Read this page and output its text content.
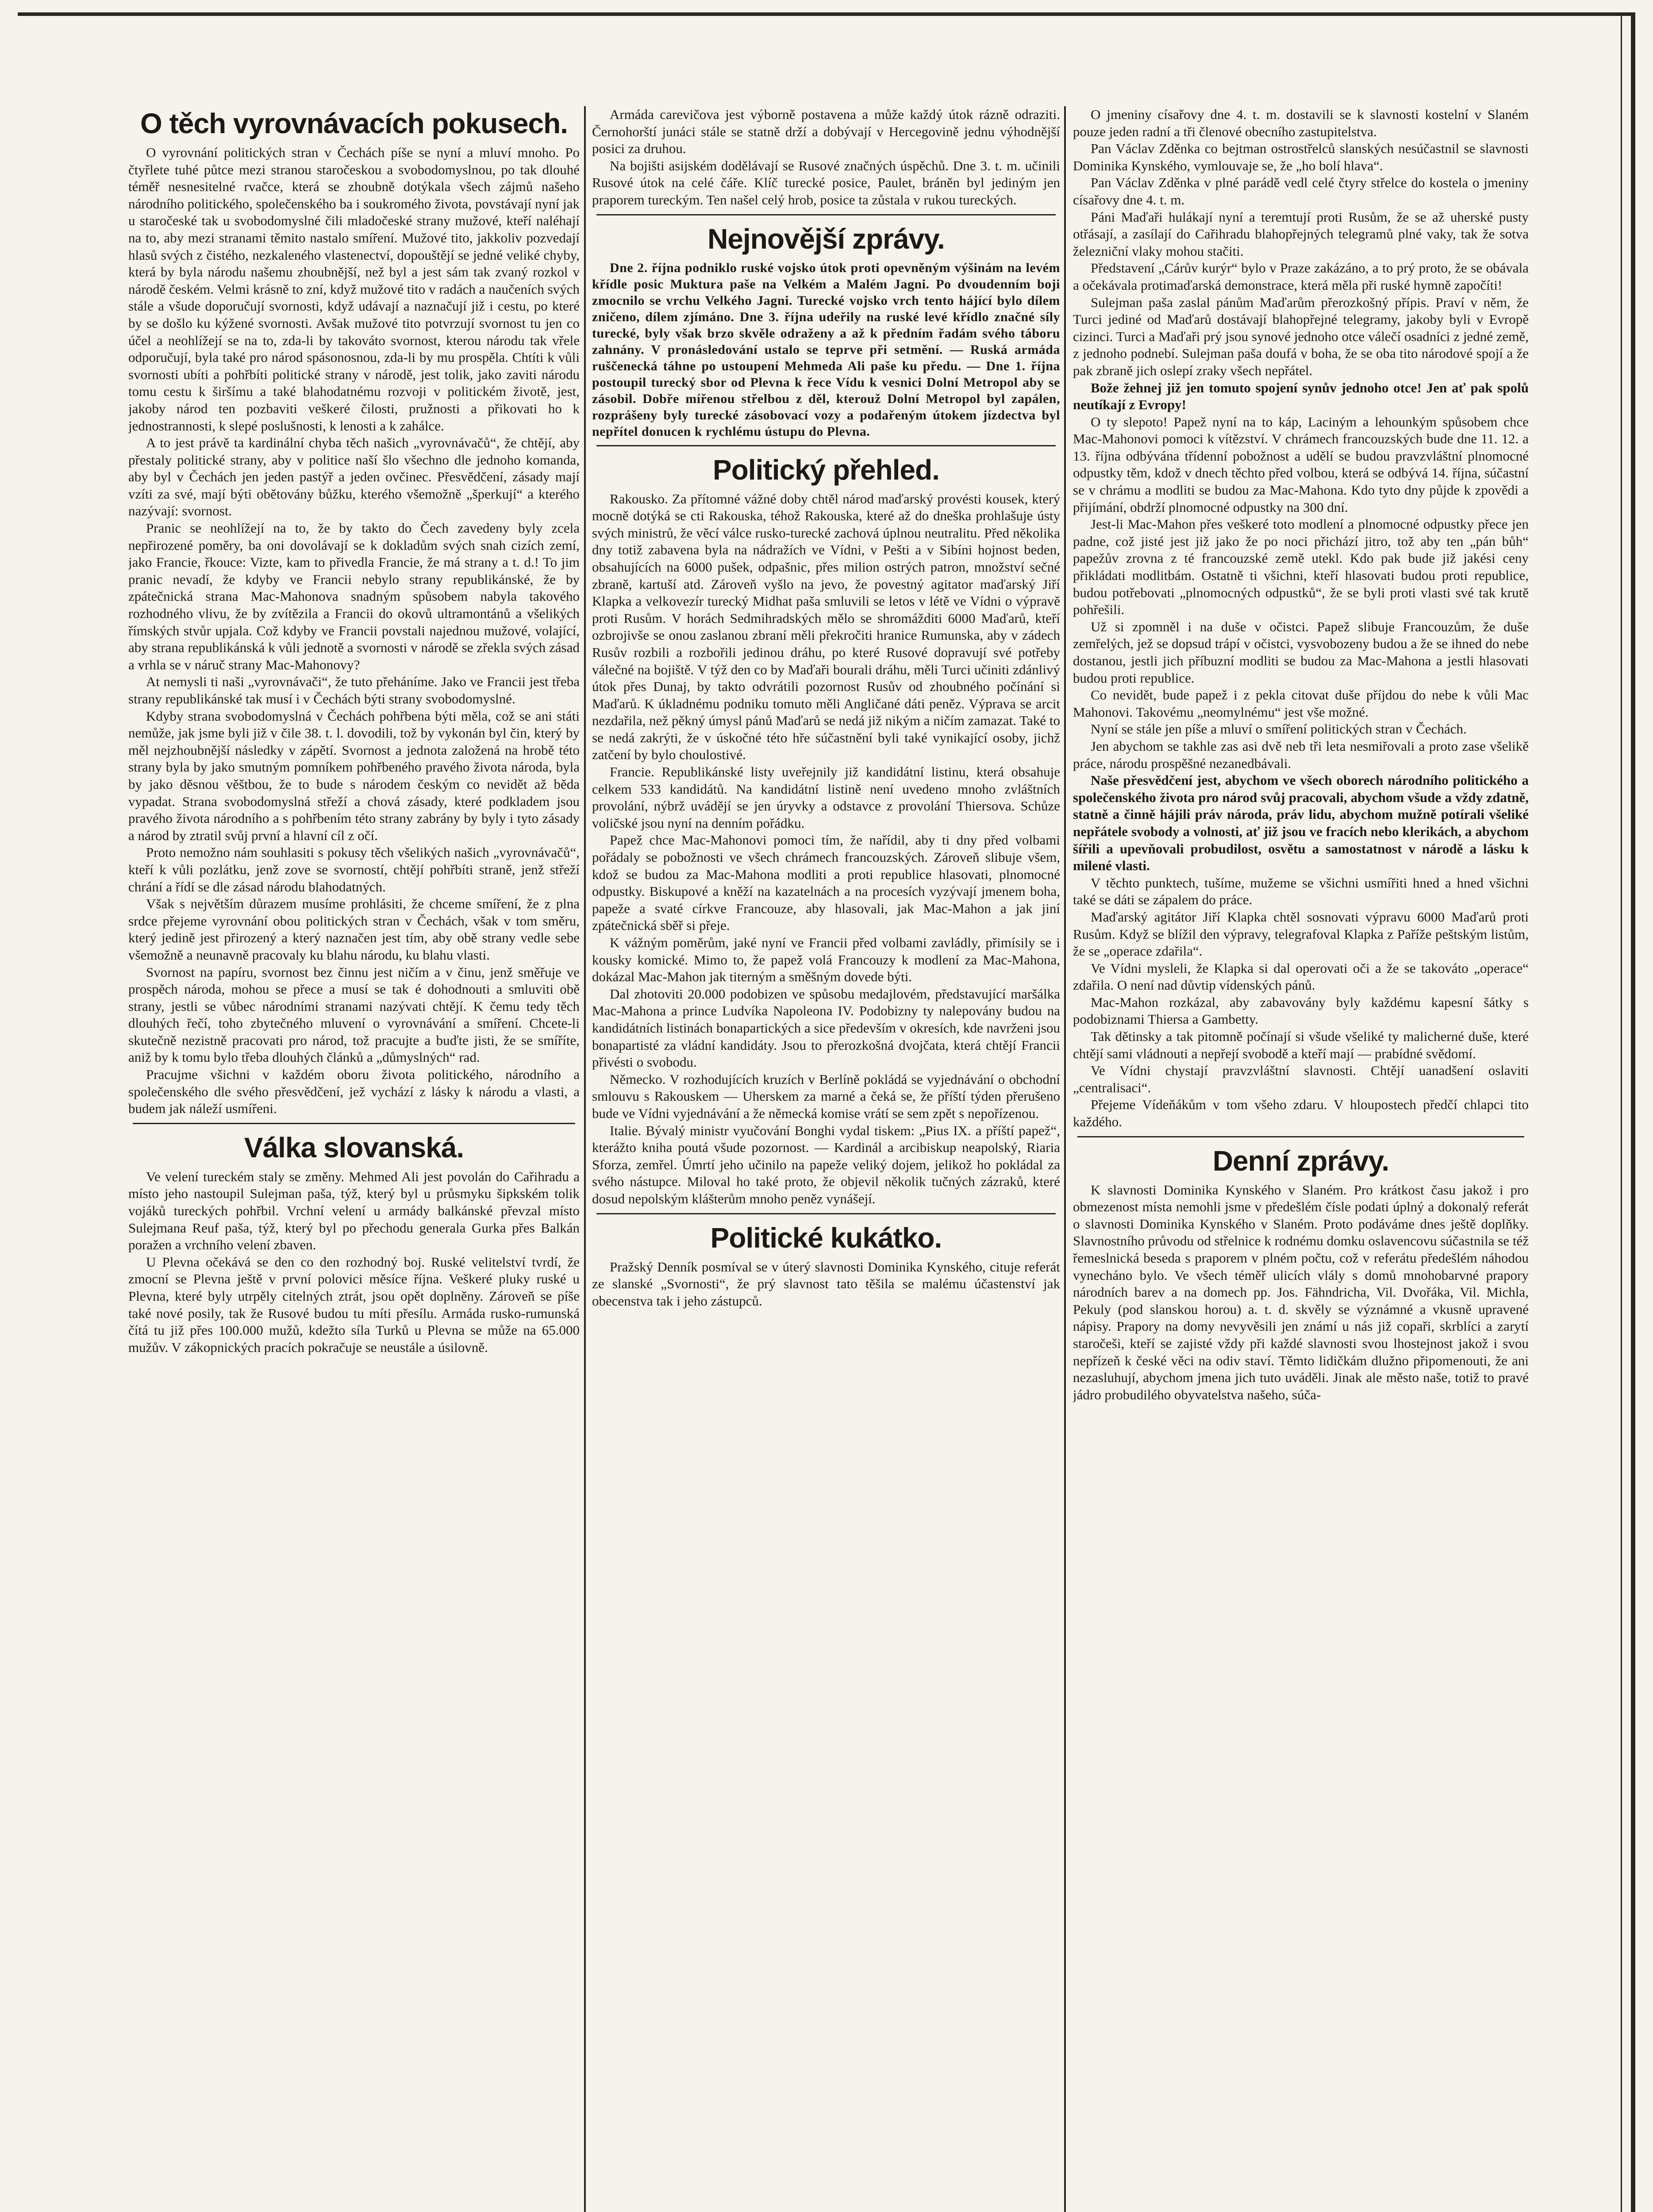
O těch vyrovnávacích pokusech.

O vyrovnání politických stran v Čechách píše se nyní a mluví mnoho. Po čtyřlete tuhé půtce mezi stranou staročeskou a svobodomyslnou, po tak dlouhé téměř nesnesitelné rvačce, která se zhoubně dotýkala všech zájmů našeho národního politického, společenského ba i soukromého života, povstávají nyní jak u staročeské tak u svobodomyslné čili mladočeské strany mužové, kteří naléhají na to, aby mezi stranami těmito nastalo smíření. Mužové tito, jakkoliv pozvedají hlasů svých z čistého, nezkaleného vlastenectví, dopouštějí se jedné veliké chyby, která by byla národu našemu zhoubnější, než byl a jest sám tak zvaný rozkol v národě českém. Velmi krásně to zní, když mužové tito v radách a naučeních svých stále a všude doporučují svornosti, když udávají a naznačují již i cestu, po které by se došlo ku kýžené svornosti. Avšak mužové tito potvrzují svornost tu jen co účel a neohlížejí se na to, zda-li by takováto svornost, kterou národu tak vřele odporučují, byla také pro národ spásonosnou, zda-li by mu prospěla. Chtíti k vůli svornosti ubíti a pohřbíti politické strany v národě, jest tolik, jako zaviti národu tomu cestu k širšímu a také blahodatnému rozvoji v politickém životě, jest, jakoby národ ten pozbaviti veškeré čilosti, pružnosti a přikovati ho k jednostrannosti, k slepé poslušnosti, k lenosti a k zahálce.

A to jest právě ta kardinální chyba těch našich „vyrovnávačů“, že chtějí, aby přestaly politické strany, aby v politice naší šlo všechno dle jednoho komanda, aby byl v Čechách jen jeden pastýř a jeden ovčinec. Přesvědčení, zásady mají vzíti za své, mají býti obětovány bůžku, kterého všemožně „šperkují“ a kterého nazývají: svornost.

Pranic se neohlížejí na to, že by takto do Čech zavedeny byly zcela nepřirozené poměry, ba oni dovolávají se k dokladům svých snah cizích zemí, jako Francie, řkouce: Vizte, kam to přivedla Francie, že má strany a t. d.! To jim pranic nevadí, že kdyby ve Francii nebylo strany republikánské, že by zpátečnická strana Mac-Mahonova snadným spůsobem nabyla takového rozhodného vlivu, že by zvítězila a Francii do okovů ultramontánů a všelikých římských stvůr upjala. Což kdyby ve Francii povstali najednou mužové, volající, aby strana republikánská k vůli jednotě a svornosti v národě se zřekla svých zásad a vrhla se v náruč strany Mac-Mahonovy?

At nemysli ti naši „vyrovnávači“, že tuto přeháníme. Jako ve Francii jest třeba strany republikánské tak musí i v Čechách býti strany svobodomyslné.

Kdyby strana svobodomyslná v Čechách pohřbena býti měla, což se ani státi nemůže, jak jsme byli již v čile 38. t. l. dovodili, tož by vykonán byl čin, který by měl nejzhoubnější následky v zápětí. Svornost a jednota založená na hrobě této strany byla by jako smutným pomníkem pohřbeného pravého života národa, byla by jako děsnou věštbou, že to bude s národem českým co nevidět až běda vypadat. Strana svobodomyslná střeží a chová zásady, které podkladem jsou pravého života národního a s pohřbením této strany zabrány by byly i tyto zásady a národ by ztratil svůj první a hlavní cíl z očí.

Proto nemožno nám souhlasiti s pokusy těch všelikých našich „vyrovnávačů“, kteří k vůli pozlátku, jenž zove se svorností, chtějí pohřbíti straně, jenž střeží chrání a řídí se dle zásad národu blahodatných.

Však s největším důrazem musíme prohlásiti, že chceme smíření, že z plna srdce přejeme vyrovnání obou politických stran v Čechách, však v tom směru, který jedině jest přirozený a který naznačen jest tím, aby obě strany vedle sebe všemožně a neunavně pracovaly ku blahu národu, ku blahu vlasti.

Svornost na papíru, svornost bez činnu jest ničím a v činu, jenž směřuje ve prospěch národa, mohou se přece a musí se tak é dohodnouti a smluviti obě strany, jestli se vůbec národními stranami nazývati chtějí. K čemu tedy těch dlouhých řečí, toho zbytečného mluvení o vyrovnávání a smíření. Chcete-li skutečně nezistně pracovati pro národ, tož pracujte a buďte jisti, že se smíříte, aniž by k tomu bylo třeba dlouhých článků a „důmyslných“ rad.

Pracujme všichni v každém oboru života politického, národního a společenského dle svého přesvědčení, jež vychází z lásky k národu a vlasti, a budem jak náleží usmířeni.

Válka slovanská.

Ve velení tureckém staly se změny. Mehmed Ali jest povolán do Cařihradu a místo jeho nastoupil Sulejman paša, týž, který byl u průsmyku šipkském tolik vojáků tureckých pohřbil. Vrchní velení u armády balkánské převzal místo Sulejmana Reuf paša, týž, který byl po přechodu generala Gurka přes Balkán poražen a vrchního velení zbaven.

U Plevna očekává se den co den rozhodný boj. Ruské velitelství tvrdí, že zmocní se Plevna ještě v první polovici měsíce října. Veškeré pluky ruské u Plevna, které byly utrpěly citelných ztrát, jsou opět doplněny. Zároveň se píše také nové posily, tak že Rusové budou tu míti přesílu. Armáda rusko-rumunská čítá tu již přes 100.000 mužů, kdežto síla Turků u Plevna se může na 65.000 mužův. V zákopnických pracích pokračuje se neustále a úsilovně.

Armáda carevičova jest výborně postavena a může každý útok rázně odraziti. Černohorští junáci stále se statně drží a dobývají v Hercegovině jednu výhodnější posici za druhou.

Na bojišti asijském dodělávají se Rusové značných úspěchů. Dne 3. t. m. učinili Rusové útok na celé čáře. Klíč turecké posice, Paulet, bráněn byl jediným jen praporem tureckým. Ten našel celý hrob, posice ta zůstala v rukou tureckých.

Nejnovější zprávy.

Dne 2. října podniklo ruské vojsko útok proti opevněným výšinám na levém křídle posic Muktura paše na Velkém a Malém Jagni. Po dvoudenním boji zmocnilo se vrchu Velkého Jagni. Turecké vojsko vrch tento hájící bylo dílem zničeno, dílem zjímáno. Dne 3. října udeřily na ruské levé křídlo značné síly turecké, byly však brzo skvěle odraženy a až k předním řadám svého táboru zahnány. V pronásledování ustalo se teprve při setmění. — Ruská armáda ruščenecká táhne po ustoupení Mehmeda Ali paše ku předu. — Dne 1. října postoupil turecký sbor od Plevna k řece Vídu k vesnici Dolní Metropol aby se zásobil. Dobře mířenou střelbou z děl, kterouž Dolní Metropol byl zapálen, rozprášeny byly turecké zásobovací vozy a podařeným útokem jízdectva byl nepřítel donucen k rychlému ústupu do Plevna.

Politický přehled.

Rakousko. Za přítomné vážné doby chtěl národ maďarský provésti kousek, který mocně dotýká se cti Rakouska, téhož Rakouska, které až do dneška prohlašuje ústy svých ministrů, že věcí válce rusko-turecké zachová úplnou neutralitu. Před několika dny totiž zabavena byla na nádražích ve Vídni, v Pešti a v Sibíni hojnost beden, obsahujících na 6000 pušek, odpašnic, přes milion ostrých patron, množství sečné zbraně, kartuší atd. Zároveň vyšlo na jevo, že povestný agitator maďarský Jiří Klapka a velkovezír turecký Midhat paša smluvili se letos v létě ve Vídni o výpravě proti Rusům. V horách Sedmihradských mělo se shromážditi 6000 Maďarů, kteří ozbrojivše se onou zaslanou zbraní měli překročiti hranice Rumunska, aby v zádech Rusův rozbili a rozbořili jedinou dráhu, po které Rusové dopravují své potřeby válečné na bojiště. V týž den co by Maďaři bourali dráhu, měli Turci učiniti zdánlivý útok přes Dunaj, by takto odvrátili pozornost Rusův od zhoubného počínání si Maďarů. K úkladnému podniku tomuto měli Angličané dáti peněz. Výprava se arcit nezdařila, než pěkný úmysl pánů Maďarů se nedá již nikým a ničím zamazat. Také to se nedá zakrýti, že v úskočné této hře súčastnění byli také vynikající osoby, jichž zatčení by bylo choulostivé.

Francie. Republikánské listy uveřejnily již kandidátní listinu, která obsahuje celkem 533 kandidátů. Na kandidátní listině není uvedeno mnoho zvláštních provolání, nýbrž uvádějí se jen úryvky a odstavce z provolání Thiersova. Schůze voličské jsou nyní na denním pořádku.

Papež chce Mac-Mahonovi pomoci tím, že nařídil, aby ti dny před volbami pořádaly se pobožnosti ve všech chrámech francouzských. Zároveň slibuje všem, kdož se budou za Mac-Mahona modliti a proti republice hlasovati, plnomocné odpustky. Biskupové a kněží na kazatelnách a na procesích vyzývají jmenem boha, papeže a svaté církve Francouze, aby hlasovali, jak Mac-Mahon a jak jiní zpátečnická sběř si přeje.

K vážným poměrům, jaké nyní ve Francii před volbami zavládly, přimísily se i kousky komické. Mimo to, že papež volá Francouzy k modlení za Mac-Mahona, dokázal Mac-Mahon jak titerným a směšným dovede býti.

Dal zhotoviti 20.000 podobizen ve spůsobu medajlovém, představující maršálka Mac-Mahona a prince Ludvíka Napoleona IV. Podobizny ty nalepovány budou na kandidátních listinách bonapartických a sice především v okresích, kde navrženi jsou bonapartisté za vládní kandidáty. Jsou to přerozkošná dvojčata, která chtějí Francii přivésti o svobodu.

Německo. V rozhodujících kruzích v Berlíně pokládá se vyjednávání o obchodní smlouvu s Rakouskem — Uherskem za marné a čeká se, že příští týden přerušeno bude ve Vídni vyjednávání a že německá komise vrátí se sem zpět s nepořízenou.

Italie. Bývalý ministr vyučování Bonghi vydal tiskem: „Pius IX. a příští papež“, kterážto kniha poutá všude pozornost. — Kardinál a arcibiskup neapolský, Riaria Sforza, zemřel. Úmrtí jeho učinilo na papeže veliký dojem, jelikož ho pokládal za svého nástupce. Miloval ho také proto, že objevil několik tučných zázraků, které dosud nepolským klášterům mnoho peněz vynášejí.

Politické kukátko.

Pražský Denník posmíval se v úterý slavnosti Dominika Kynského, cituje referát ze slanské „Svornosti“, že prý slavnost tato těšila se malému účastenství jak obecenstva tak i jeho zástupců.

O jmeniny císařovy dne 4. t. m. dostavili se k slavnosti kostelní v Slaném pouze jeden radní a tři členové obecního zastupitelstva.

Pan Václav Zděnka co bejtman ostrostřelců slanských nesúčastnil se slavnosti Dominika Kynského, vymlouvaje se, že „ho bolí hlava“.

Pan Václav Zděnka v plné parádě vedl celé čtyry střelce do kostela o jmeniny císařovy dne 4. t. m.

Páni Maďaři hulákají nyní a teremtují proti Rusům, že se až uherské pusty otřásají, a zasílají do Cařihradu blahopřejných telegramů plné vaky, tak že sotva železniční vlaky mohou stačiti.

Představení „Cárův kurýr“ bylo v Praze zakázáno, a to prý proto, že se obávala a očekávala protimaďarská demonstrace, která měla při ruské hymně započíti!

Sulejman paša zaslal pánům Maďarům přerozkošný přípis. Praví v něm, že Turci jediné od Maďarů dostávají blahopřejné telegramy, jakoby byli v Evropě cizinci. Turci a Maďaři prý jsou synové jednoho otce válečí osadníci z jedné země, z jednoho podnebí. Sulejman paša doufá v boha, že se oba tito národové spojí a že pak zbraně jich oslepí zraky všech nepřátel.

Bože žehnej již jen tomuto spojení synův jednoho otce! Jen ať pak spolů neutíkají z Evropy!

O ty slepoto! Papež nyní na to káp, Laciným a lehounkým spůsobem chce Mac-Mahonovi pomoci k vítězství. V chrámech francouzských bude dne 11. 12. a 13. října odbývána třídenní pobožnost a udělí se budou pravzvláštní plnomocné odpustky těm, kdož v dnech těchto před volbou, která se odbývá 14. října, súčastní se v chrámu a modliti se budou za Mac-Mahona. Kdo tyto dny půjde k zpovědi a přijímání, obdrží plnomocné odpustky na 300 dní.

Jest-li Mac-Mahon přes veškeré toto modlení a plnomocné odpustky přece jen padne, což jisté jest již jako že po noci přichází jitro, tož aby ten „pán bůh“ papežův zrovna z té francouzské země utekl. Kdo pak bude již jakési ceny přikládati modlitbám. Ostatně ti všichni, kteří hlasovati budou proti republice, budou potřebovati „plnomocných odpustků“, že se byli proti vlasti své tak krutě pohřešili.

Už si zpomněl i na duše v očistci. Papež slibuje Francouzům, že duše zemřelých, jež se dopsud trápí v očistci, vysvobozeny budou a že se ihned do nebe dostanou, jestli jich příbuzní modliti se budou za Mac-Mahona a jestli hlasovati budou proti republice.

Co nevidět, bude papež i z pekla citovat duše příjdou do nebe k vůli Mac Mahonovi. Takovému „neomylnému“ jest vše možné.

Nyní se stále jen píše a mluví o smíření politických stran v Čechách.

Jen abychom se takhle zas asi dvě neb tři leta nesmiřovali a proto zase všelikě práce, národu prospěšné nezanedbávali.

Naše přesvědčení jest, abychom ve všech oborech národního politického a společenského života pro národ svůj pracovali, abychom všude a vždy zdatně, statně a činně hájili práv národa, práv lidu, abychom mužně potírali všeliké nepřátele svobody a volnosti, ať již jsou ve fracích nebo klerikách, a abychom šířili a upevňovali probudilost, osvětu a samostatnost v národě a lásku k milené vlasti.

V těchto punktech, tušíme, mužeme se všichni usmířiti hned a hned všichni také se dáti se zápalem do práce.

Maďarský agitátor Jiří Klapka chtěl sosnovati výpravu 6000 Maďarů proti Rusům. Když se blížil den výpravy, telegrafoval Klapka z Paříže peštským listům, že se „operace zdařila“.

Ve Vídni mysleli, že Klapka si dal operovati oči a že se takováto „operace“ zdařila. O není nad důvtip vídenských pánů.

Mac-Mahon rozkázal, aby zabavovány byly každému kapesní šátky s podobiznami Thiersa a Gambetty.

Tak dětinsky a tak pitomně počínají si všude všeliké ty malicherné duše, které chtějí sami vládnouti a nepřejí svobodě a kteří mají — prabídné svědomí.

Ve Vídni chystají pravzvláštní slavnosti. Chtějí uanadšení oslaviti „centralisaci“.

Přejeme Vídeňákům v tom všeho zdaru. V hloupostech předčí chlapci tito každého.

Denní zprávy.

K slavnosti Dominika Kynského v Slaném. Pro krátkost času jakož i pro obmezenost místa nemohli jsme v předešlém čísle podati úplný a dokonalý referát o slavnosti Dominika Kynského v Slaném. Proto podáváme dnes ještě doplňky. Slavnostního průvodu od střelnice k rodnému domku oslavencovu súčastnila se též řemeslnická beseda s praporem v plném počtu, což v referátu předešlém náhodou vynecháno bylo. Ve všech téměř ulicích vlály s domů mnohobarvné prapory národních barev a na domech pp. Jos. Fähndricha, Vil. Dvořáka, Vil. Michla, Pekuly (pod slanskou horou) a. t. d. skvěly se význámné a vkusně upravené nápisy. Prapory na domy nevyvěsili jen známí u nás již copaři, skrblíci a zarytí staročeši, kteří se zajisté vždy při každé slavnosti svou lhostejnost jakož i svou nepřízeň k české věci na odiv staví. Těmto lidičkám dlužno připomenouti, že ani nezasluhují, abychom jmena jich tuto uváděli. Jinak ale město naše, totiž to pravé jádro probudilého obyvatelstva našeho, súča-
